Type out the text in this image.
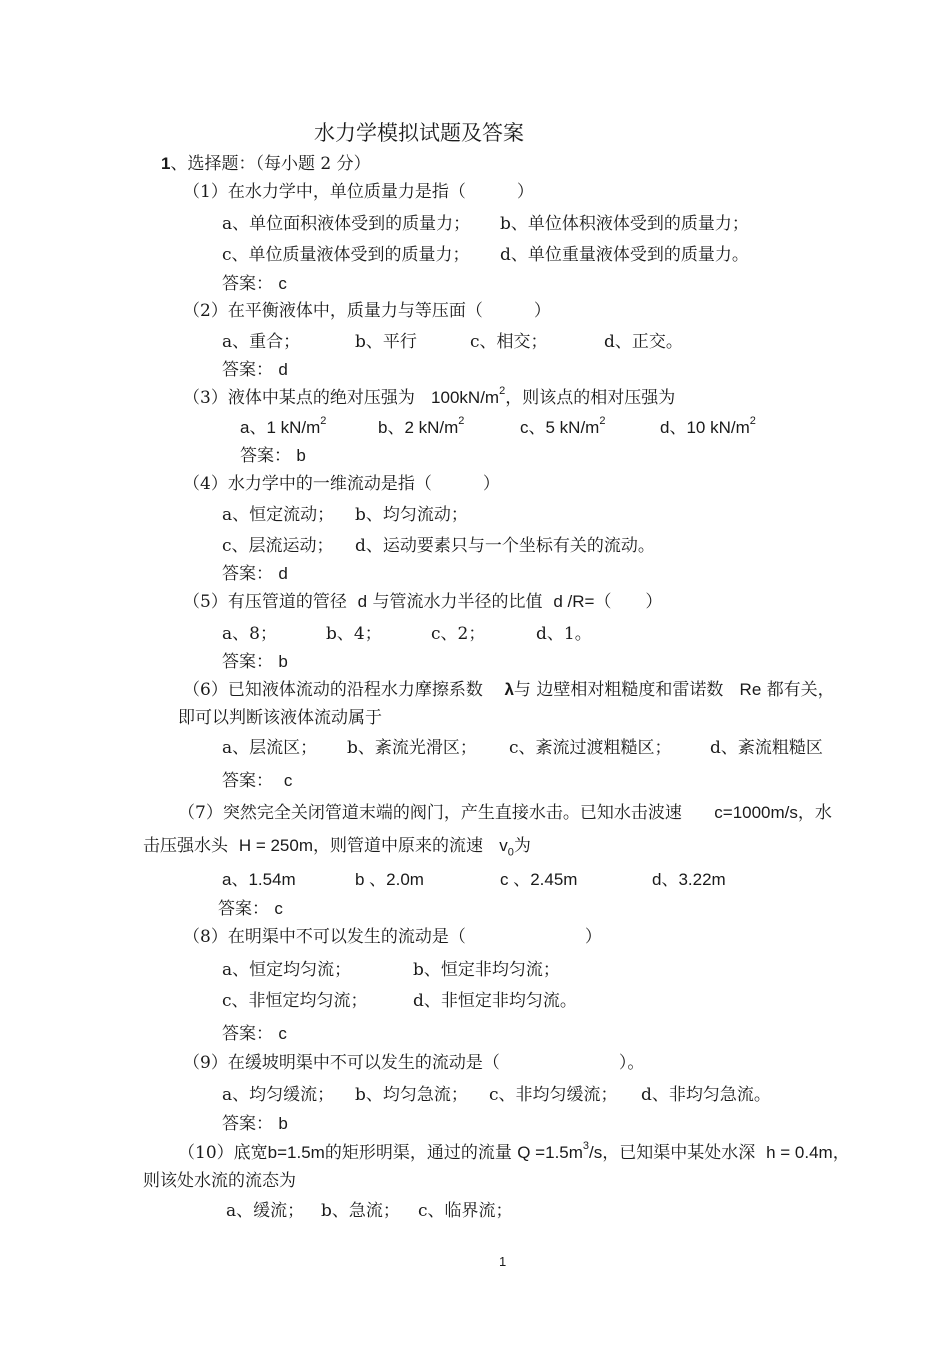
水力学模拟试题及答案
1、选择题：（每小题 2 分）
（1）在水力学中，单位质量力是指（　　　）
a、单位面积液体受到的质量力； b、单位体积液体受到的质量力；
c、单位质量液体受到的质量力； d、单位重量液体受到的质量力。
答案： c
（2）在平衡液体中，质量力与等压面（　　　）
a、重合；	b、平行	c、相交；	d、正交。
答案： d
（3）液体中某点的绝对压强为 $100kN/m^2$，则该点的相对压强为
a、1 $kN/m^2$	b、2 $kN/m^2$	c、5 $kN/m^2$	d、10 $kN/m^2$
答案： b
（4）水力学中的一维流动是指（　　　）
a、恒定流动； b、均匀流动；
c、层流运动； d、运动要素只与一个坐标有关的流动。
答案： d
（5）有压管道的管径 d 与管流水力半径的比值 d /R=（　　）
a、8；	b、4；	c、2；	d、1。
答案： b
（6）已知液体流动的沿程水力摩擦系数 λ与 边壁相对粗糙度和雷诺数 Re 都有关，
即可以判断该液体流动属于
a、层流区； b、紊流光滑区； c、紊流过渡粗糙区； d、紊流粗糙区
答案： c
（7）突然完全关闭管道末端的阀门，产生直接水击。已知水击波速 c=1000m/s，水
击压强水头 H = 250m，则管道中原来的流速 $v_0$为
a、1.54m	b 、2.0m	c 、2.45m	d、3.22m
答案： c
（8）在明渠中不可以发生的流动是（　　　　　　　）
a、恒定均匀流；	b、恒定非均匀流；
c、非恒定均匀流；	d、非恒定非均匀流。
答案： c
（9）在缓坡明渠中不可以发生的流动是（　　　　　　　）。
a、均匀缓流； b、均匀急流； c、非均匀缓流； d、非均匀急流。
答案： b
（10）底宽b=1.5m的矩形明渠，通过的流量 $Q =1.5m^3/s$，已知渠中某处水深 h = 0.4m，
则该处水流的流态为
a、缓流； b、急流； c、临界流；
1
